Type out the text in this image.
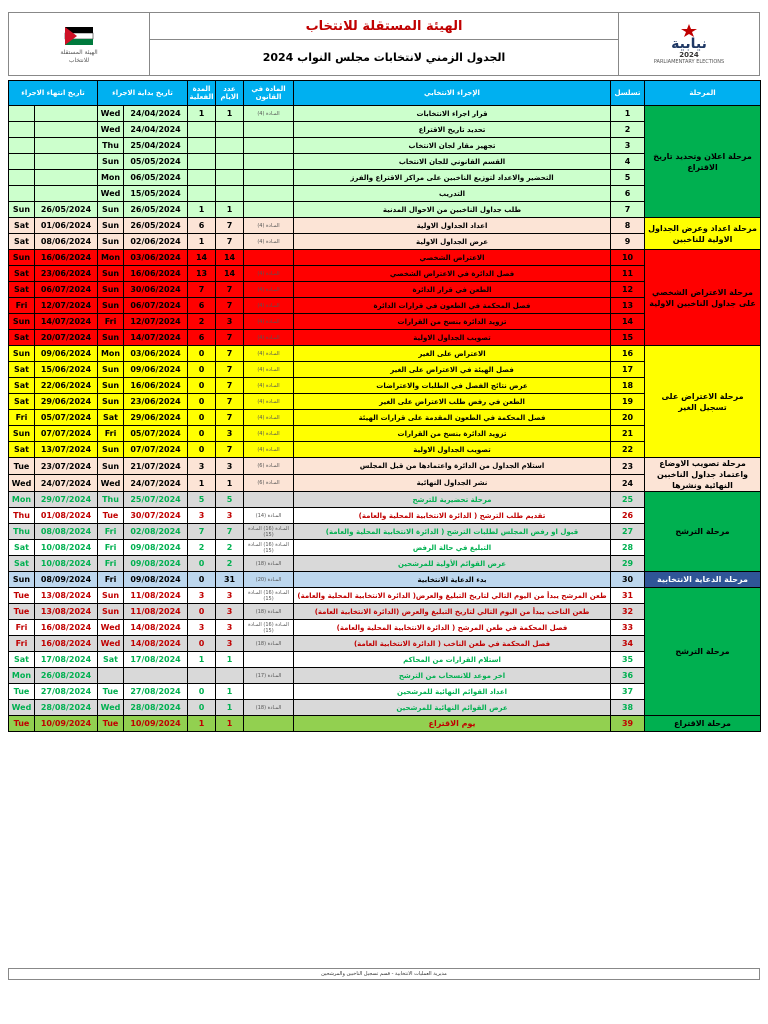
الهيئة المستقلة
للانتخاب
الهيئة المستقلة للانتخاب
الجدول الزمني لانتخابات مجلس النواب 2024
نيابية
2024
PARLIAMENTARY ELECTIONS
تاريخ انتهاء الاجراء		تاريخ بداية الاجراء		المدة الفعلية	عدد الايام	المادة في القانون	الإجراء الانتخابي	تسلسل	المرحلة
		Wed	24/04/2024	1	1	المـادة (4)	قرار اجراء الانتخابات	1	مرحلة اعلان وتحديد تاريخ الاقتراع
		Wed	24/04/2024				تحديد تاريخ الاقتراع	2	
		Thu	25/04/2024				تجهيز مقار لجان الانتخاب	3	
		Sun	05/05/2024				القسم القانوني للجان الانتخاب	4	
		Mon	06/05/2024				التحضير والاعداد لتوزيع الناخبين على مراكز الاقتراع والفرز	5	
		Wed	15/05/2024				التدريب	6	
Sun	26/05/2024	Sun	26/05/2024	1	1		طلب جداول الناخبين من الاحوال المدنية	7	
Sat	01/06/2024	Sun	26/05/2024	6	7	المـادة (4)	اعداد الجداول الاولية	8	مرحلة اعداد وعرض الجداول الاولية للناخبين
Sat	08/06/2024	Sun	02/06/2024	1	7	المـادة (4)	عرض الجداول الاولية	9	
Sun	16/06/2024	Mon	03/06/2024	14	14		الاعتراض الشخصي	10	مرحلة الاعتراض الشخصي على جداول الناخبين الاولية
Sat	23/06/2024	Sun	16/06/2024	13	14	المـادة (4)	فصل الدائرة في الاعتراض الشخصي	11	
Sat	06/07/2024	Sun	30/06/2024	7	7	المـادة (4)	الطعن في قرار الدائرة	12	
Fri	12/07/2024	Sun	06/07/2024	6	7	المـادة (4)	فصل المحكمة في الطعون في قرارات الدائرة	13	
Sun	14/07/2024	Fri	12/07/2024	2	3	المـادة (4)	تزويد الدائرة بنسخ من القرارات	14	
Sat	20/07/2024	Sun	14/07/2024	6	7	المـادة (4)	تصويب الجداول الاولية	15	
Sun	09/06/2024	Mon	03/06/2024	0	7	المـادة (4)	الاعتراض على الغير	16	مرحلة الاعتراض على تسجيل الغير
Sat	15/06/2024	Sun	09/06/2024	0	7	المـادة (4)	فصل الهيئة في الاعتراض على الغير	17	
Sat	22/06/2024	Sun	16/06/2024	0	7	المـادة (4)	عرض نتائج الفصل في الطلبات والاعتراضات	18	
Sat	29/06/2024	Sun	23/06/2024	0	7	المـادة (4)	الطعن في رفض طلب الاعتراض على الغير	19	
Fri	05/07/2024	Sat	29/06/2024	0	7	المـادة (4)	فصل المحكمة في الطعون المقدمة على قرارات الهيئة	20	
Sun	07/07/2024	Fri	05/07/2024	0	3	المـادة (4)	تزويد الدائرة بنسخ من القرارات	21	
Sat	13/07/2024	Sun	07/07/2024	0	7	المـادة (4)	تصويب الجداول الاولية	22	
Tue	23/07/2024	Sun	21/07/2024	3	3	المـادة (6)	استلام الجداول من الدائرة واعتمادها من قبل المجلس	23	مرحلة تصويب الاوضاع واعتماد جداول الناخبين النهائية ونشرها
Wed	24/07/2024	Wed	24/07/2024	1	1	المـادة (6)	نشر الجداول النهائية	24	
Mon	29/07/2024	Thu	25/07/2024	5	5		مرحلة تحضيرية للترشح	25	مرحلة الترشح
Thu	01/08/2024	Tue	30/07/2024	3	3	المـادة (14)	تقديم طلب الترشح ( الدائرة الانتخابية المحلية والعامة)	26	
Thu	08/08/2024	Fri	02/08/2024	7	7	المـادة (16) المـادة (15)	قبول او رفض المجلس لطلبات الترشح ( الدائرة الانتخابية المحلية والعامة)	27	
Sat	10/08/2024	Fri	09/08/2024	2	2	المـادة (16) المـادة (15)	التبليغ في حالة الرفض	28	
Sat	10/08/2024	Fri	09/08/2024	0	2	المـادة (18)	عرض القوائم الأولية للمرشحين	29	
Sun	08/09/2024	Fri	09/08/2024	0	31	المـادة (20)	بدء الدعاية الانتخابية	30	مرحلة الدعاية الانتخابية
Tue	13/08/2024	Sun	11/08/2024	3	3	المـادة (16) المـادة (15)	طعن المرشح يبدأ من اليوم التالي لتاريخ التبليغ والعرض( الدائرة الانتخابية المحلية والعامة)	31	مرحلة الترشح
Tue	13/08/2024	Sun	11/08/2024	0	3	المـادة (18)	طعن الناخب يبدأ من اليوم التالي لتاريخ التبليغ والعرض (الدائرة الانتخابية العامة)	32	
Fri	16/08/2024	Wed	14/08/2024	3	3	المـادة (16) المـادة (15)	فصل المحكمة في طعن المرشح ( الدائرة الانتخابية المحلية والعامة)	33	
Fri	16/08/2024	Wed	14/08/2024	0	3	المـادة (18)	فصل المحكمة في طعن الناخب ( الدائرة الانتخابية العامة)	34	
Sat	17/08/2024	Sat	17/08/2024	1	1		استلام القرارات من المحاكم	35	
Mon	26/08/2024					المـادة (17)	اخر موعد للانسحاب من الترشح	36	
Tue	27/08/2024	Tue	27/08/2024	0	1		اعداد القوائم النهائية للمرشحين	37	
Wed	28/08/2024	Wed	28/08/2024	0	1	المـادة (18)	عرض القوائم النهائية للمرشحين	38	
Tue	10/09/2024	Tue	10/09/2024	1	1		يوم الاقتراع	39	مرحلة الاقتراع
مديرية العمليات الانتخابية - قسم تسجيل الناخبين والمرشحين
